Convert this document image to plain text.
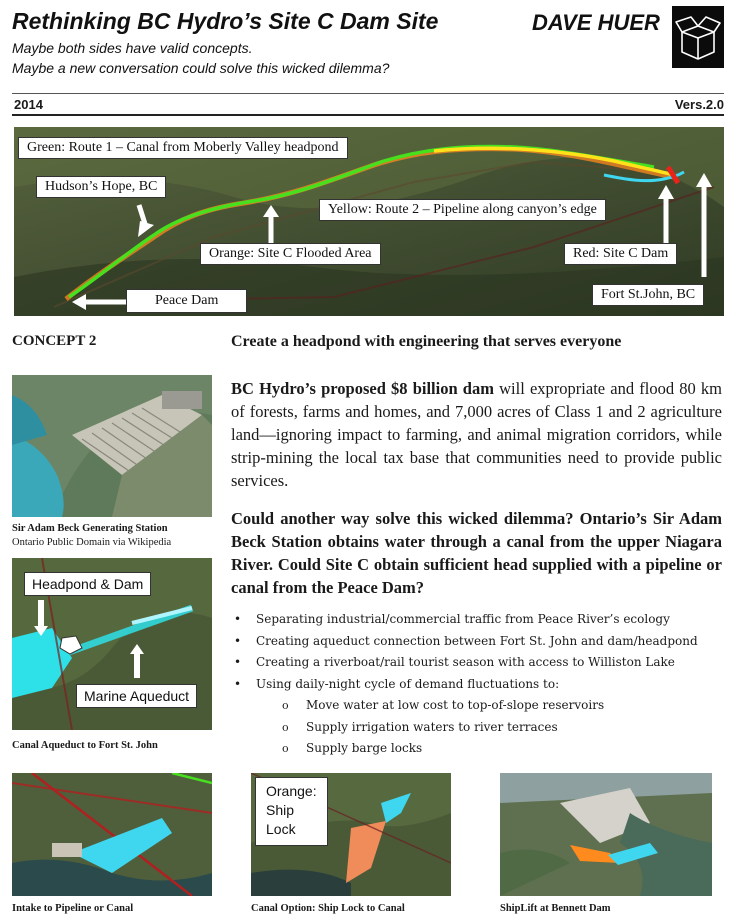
Rethinking BC Hydro’s Site C Dam Site	DAVE HUER
Maybe both sides have valid concepts.
Maybe a new conversation could solve this wicked dilemma?
2014	Vers.2.0
Green: Route 1 – Canal from Moberly Valley headpond
Hudson’s Hope, BC
Yellow: Route 2 – Pipeline along canyon’s edge
Orange: Site C Flooded Area	Red: Site C Dam
Fort St.John, BC
Peace Dam
CONCEPT 2	Create a headpond with engineering that serves everyone
BC Hydro’s proposed $8 billion dam will expropriate and flood 80 km of forests, farms and homes, and 7,000 acres of Class 1 and 2 agriculture land—ignoring impact to farming, and animal migration corridors, while strip-mining the local tax base that communities need to provide public services.
Could another way solve this wicked dilemma? Ontario’s Sir Adam Beck Station obtains water through a canal from the upper Niagara River. Could Site C obtain sufficient head supplied with a pipeline or canal from the Peace Dam?
• Separating industrial/commercial traffic from Peace River’s ecology
• Creating aqueduct connection between Fort St. John and dam/headpond
• Creating a riverboat/rail tourist season with access to Williston Lake
• Using daily-night cycle of demand fluctuations to:
o Move water at low cost to top-of-slope reservoirs
o Supply irrigation waters to river terraces
o Supply barge locks
Sir Adam Beck Generating Station
Ontario Public Domain via Wikipedia
Headpond & Dam
Marine Aqueduct
Canal Aqueduct to Fort St. John
Intake to Pipeline or Canal
Orange:
Ship
Lock
Canal Option: Ship Lock to Canal	ShipLift at Bennett Dam
